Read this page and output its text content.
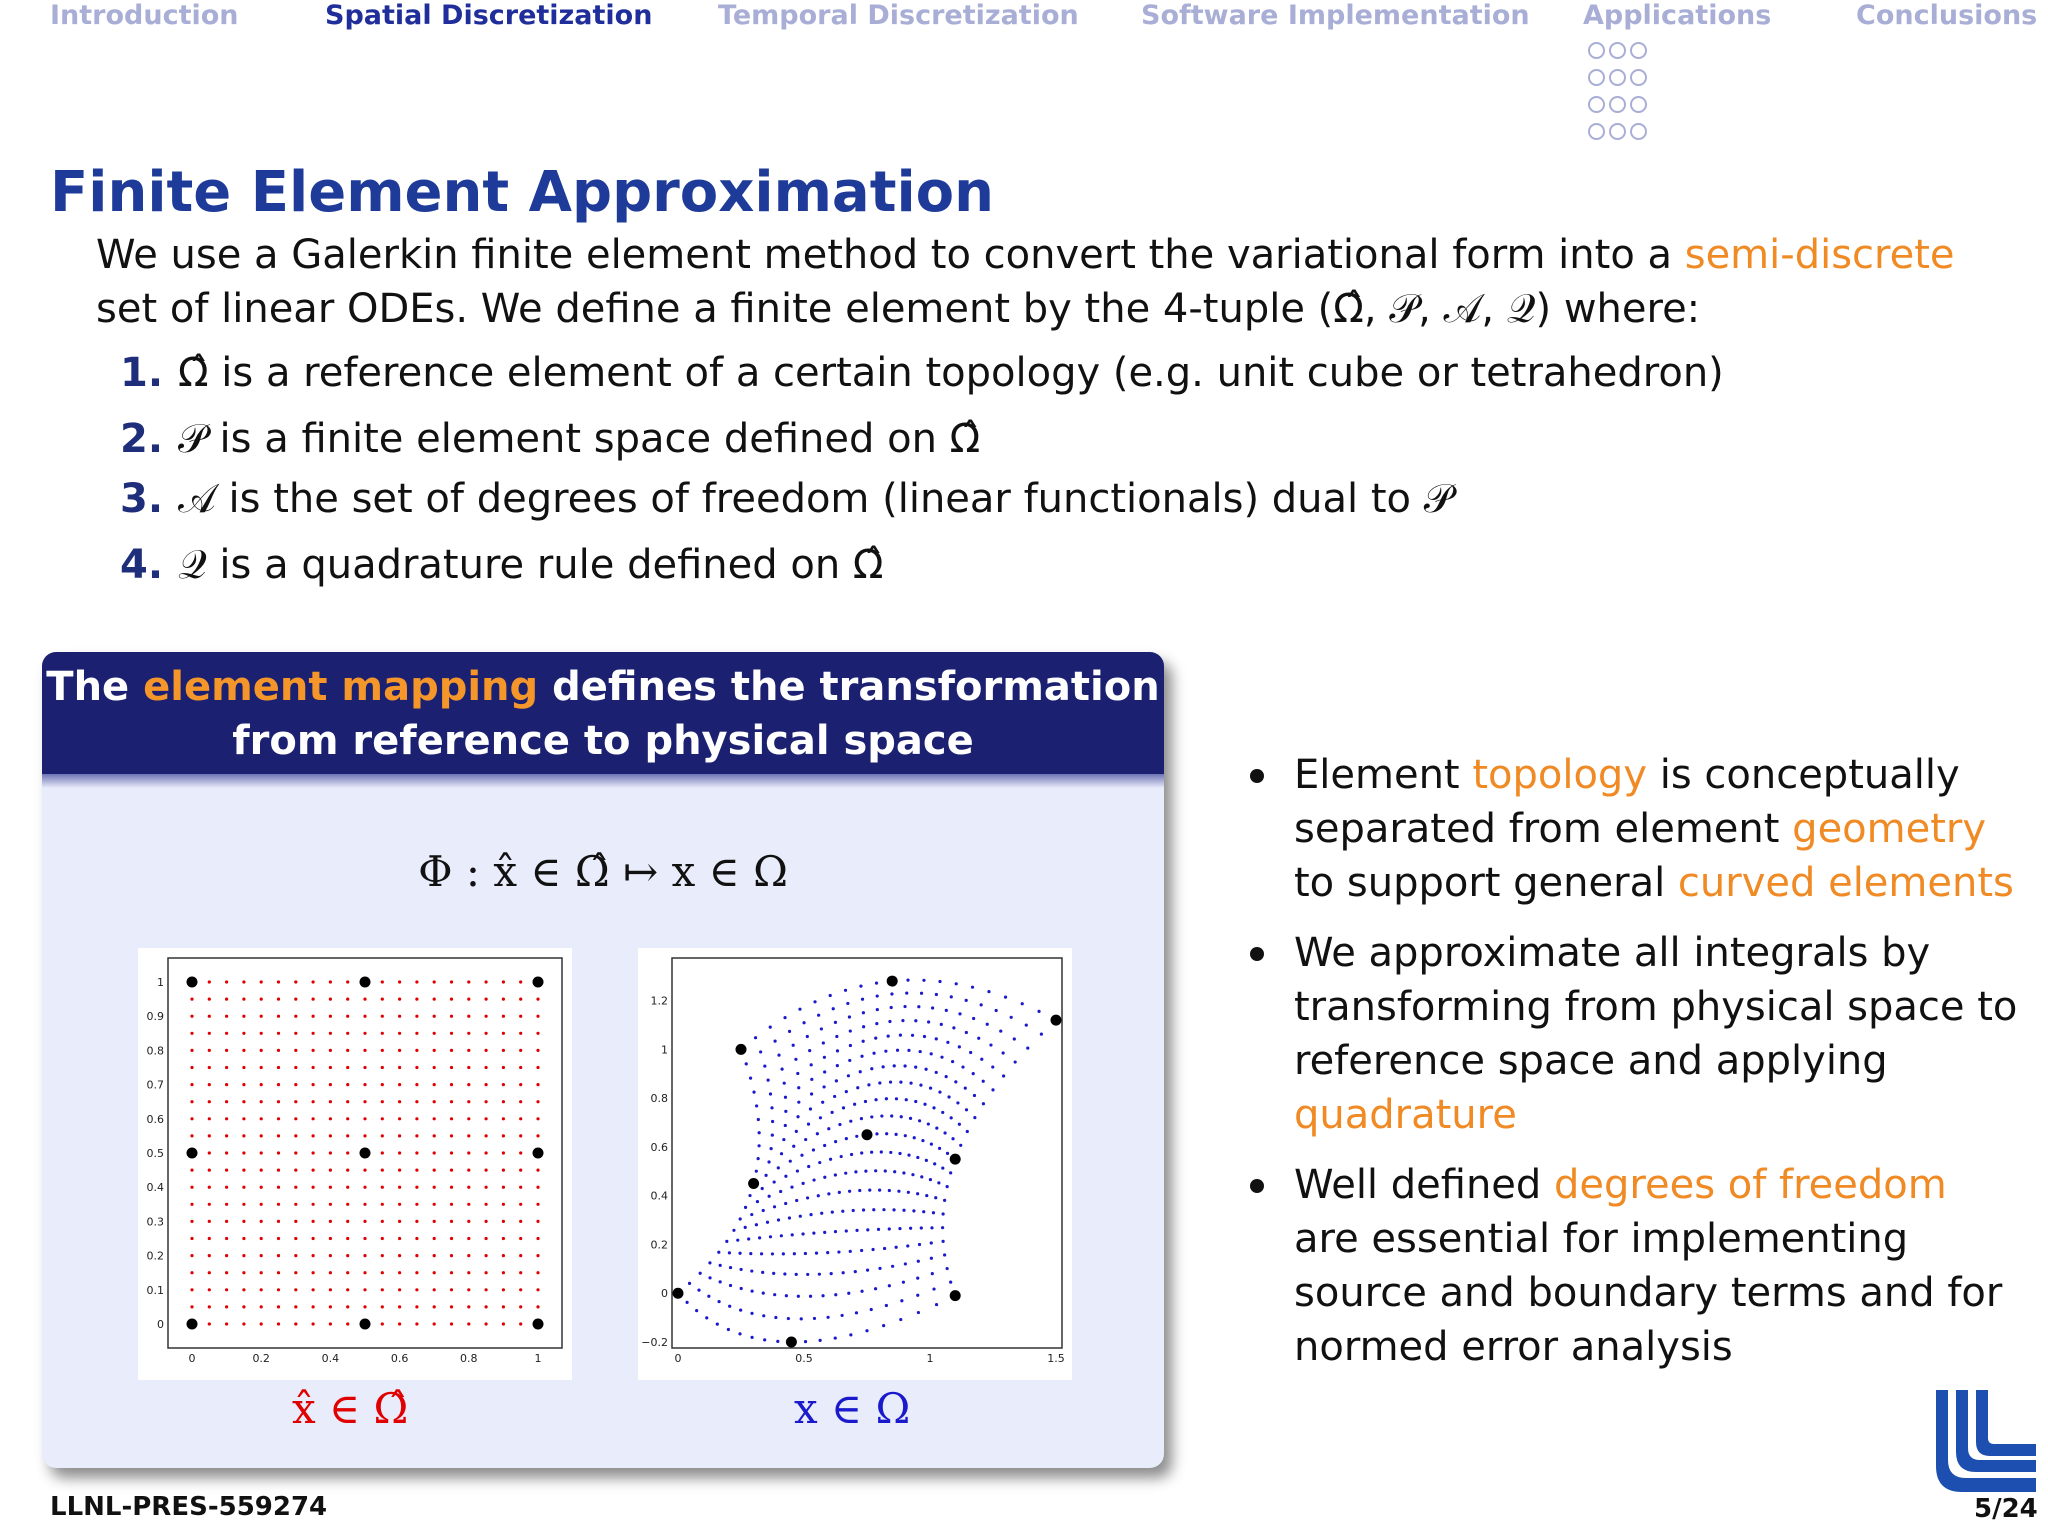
Introduction	Spatial Discretization Temporal Discretization Software Implementation Applications	Conclusions
Finite Element Approximation
We use a Galerkin finite element method to convert the variational form into a semi-discrete set of linear ODEs. We define a finite element by the 4-tuple (Ω̂, 𝒫, 𝒜, 𝒬) where:
1. Ω̂ is a reference element of a certain topology (e.g. unit cube or tetrahedron)
2. 𝒫 is a finite element space defined on Ω̂
3. 𝒜 is the set of degrees of freedom (linear functionals) dual to 𝒫
4. 𝒬 is a quadrature rule defined on Ω̂
The element mapping defines the transformation
from reference to physical space
Φ : x̂ ∈ Ω̂ ↦ x ∈ Ω
0	0.2	0.4	0.6	0.8	1
0
0.1
0.2
0.3
0.4
0.5
0.6
0.7
0.8
0.9
1
0	0.5	1	1.5
−0.2
0
0.2
0.4
0.6
0.8
1
1.2
x̂ ∈ Ω̂	x ∈ Ω
Element topology is conceptually separated from element geometry to support general curved elements
We approximate all integrals by transforming from physical space to reference space and applying quadrature
Well defined degrees of freedom are essential for implementing source and boundary terms and for normed error analysis
LLNL-PRES-559274	5/24
